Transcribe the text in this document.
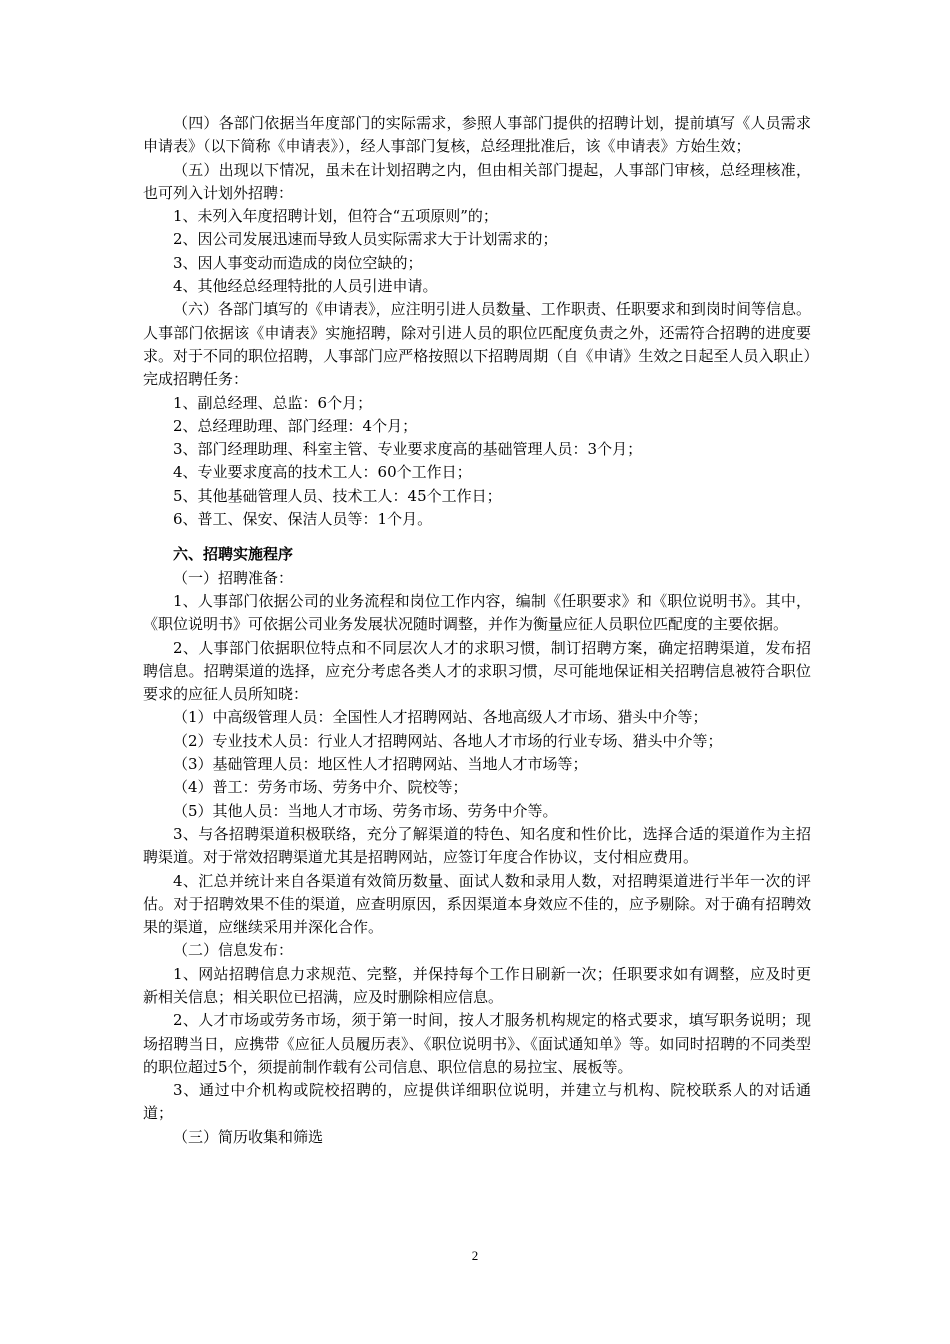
（四）各部门依据当年度部门的实际需求，参照人事部门提供的招聘计划，提前填写《人员需求申请表》（以下简称《申请表》），经人事部门复核，总经理批准后，该《申请表》方始生效；

（五）出现以下情况，虽未在计划招聘之内，但由相关部门提起，人事部门审核，总经理核准，也可列入计划外招聘：

1、未列入年度招聘计划，但符合“五项原则”的；

2、因公司发展迅速而导致人员实际需求大于计划需求的；

3、因人事变动而造成的岗位空缺的；

4、其他经总经理特批的人员引进申请。

（六）各部门填写的《申请表》，应注明引进人员数量、工作职责、任职要求和到岗时间等信息。人事部门依据该《申请表》实施招聘，除对引进人员的职位匹配度负责之外，还需符合招聘的进度要求。对于不同的职位招聘，人事部门应严格按照以下招聘周期（自《申请》生效之日起至人员入职止）完成招聘任务：

1、副总经理、总监：6个月；

2、总经理助理、部门经理：4个月；

3、部门经理助理、科室主管、专业要求度高的基础管理人员：3个月；

4、专业要求度高的技术工人：60个工作日；

5、其他基础管理人员、技术工人：45个工作日；

6、普工、保安、保洁人员等：1个月。

六、招聘实施程序

（一）招聘准备：

1、人事部门依据公司的业务流程和岗位工作内容，编制《任职要求》和《职位说明书》。其中，《职位说明书》可依据公司业务发展状况随时调整，并作为衡量应征人员职位匹配度的主要依据。

2、人事部门依据职位特点和不同层次人才的求职习惯，制订招聘方案，确定招聘渠道，发布招聘信息。招聘渠道的选择，应充分考虑各类人才的求职习惯，尽可能地保证相关招聘信息被符合职位要求的应征人员所知晓：

（1）中高级管理人员：全国性人才招聘网站、各地高级人才市场、猎头中介等；

（2）专业技术人员：行业人才招聘网站、各地人才市场的行业专场、猎头中介等；

（3）基础管理人员：地区性人才招聘网站、当地人才市场等；

（4）普工：劳务市场、劳务中介、院校等；

（5）其他人员：当地人才市场、劳务市场、劳务中介等。

3、与各招聘渠道积极联络，充分了解渠道的特色、知名度和性价比，选择合适的渠道作为主招聘渠道。对于常效招聘渠道尤其是招聘网站，应签订年度合作协议，支付相应费用。

4、汇总并统计来自各渠道有效简历数量、面试人数和录用人数，对招聘渠道进行半年一次的评估。对于招聘效果不佳的渠道，应查明原因，系因渠道本身效应不佳的，应予剔除。对于确有招聘效果的渠道，应继续采用并深化合作。

（二）信息发布：

1、网站招聘信息力求规范、完整，并保持每个工作日刷新一次；任职要求如有调整，应及时更新相关信息；相关职位已招满，应及时删除相应信息。

2、人才市场或劳务市场，须于第一时间，按人才服务机构规定的格式要求，填写职务说明；现场招聘当日，应携带《应征人员履历表》、《职位说明书》、《面试通知单》等。如同时招聘的不同类型的职位超过5个，须提前制作载有公司信息、职位信息的易拉宝、展板等。

3、通过中介机构或院校招聘的，应提供详细职位说明，并建立与机构、院校联系人的对话通道；

（三）简历收集和筛选

2
